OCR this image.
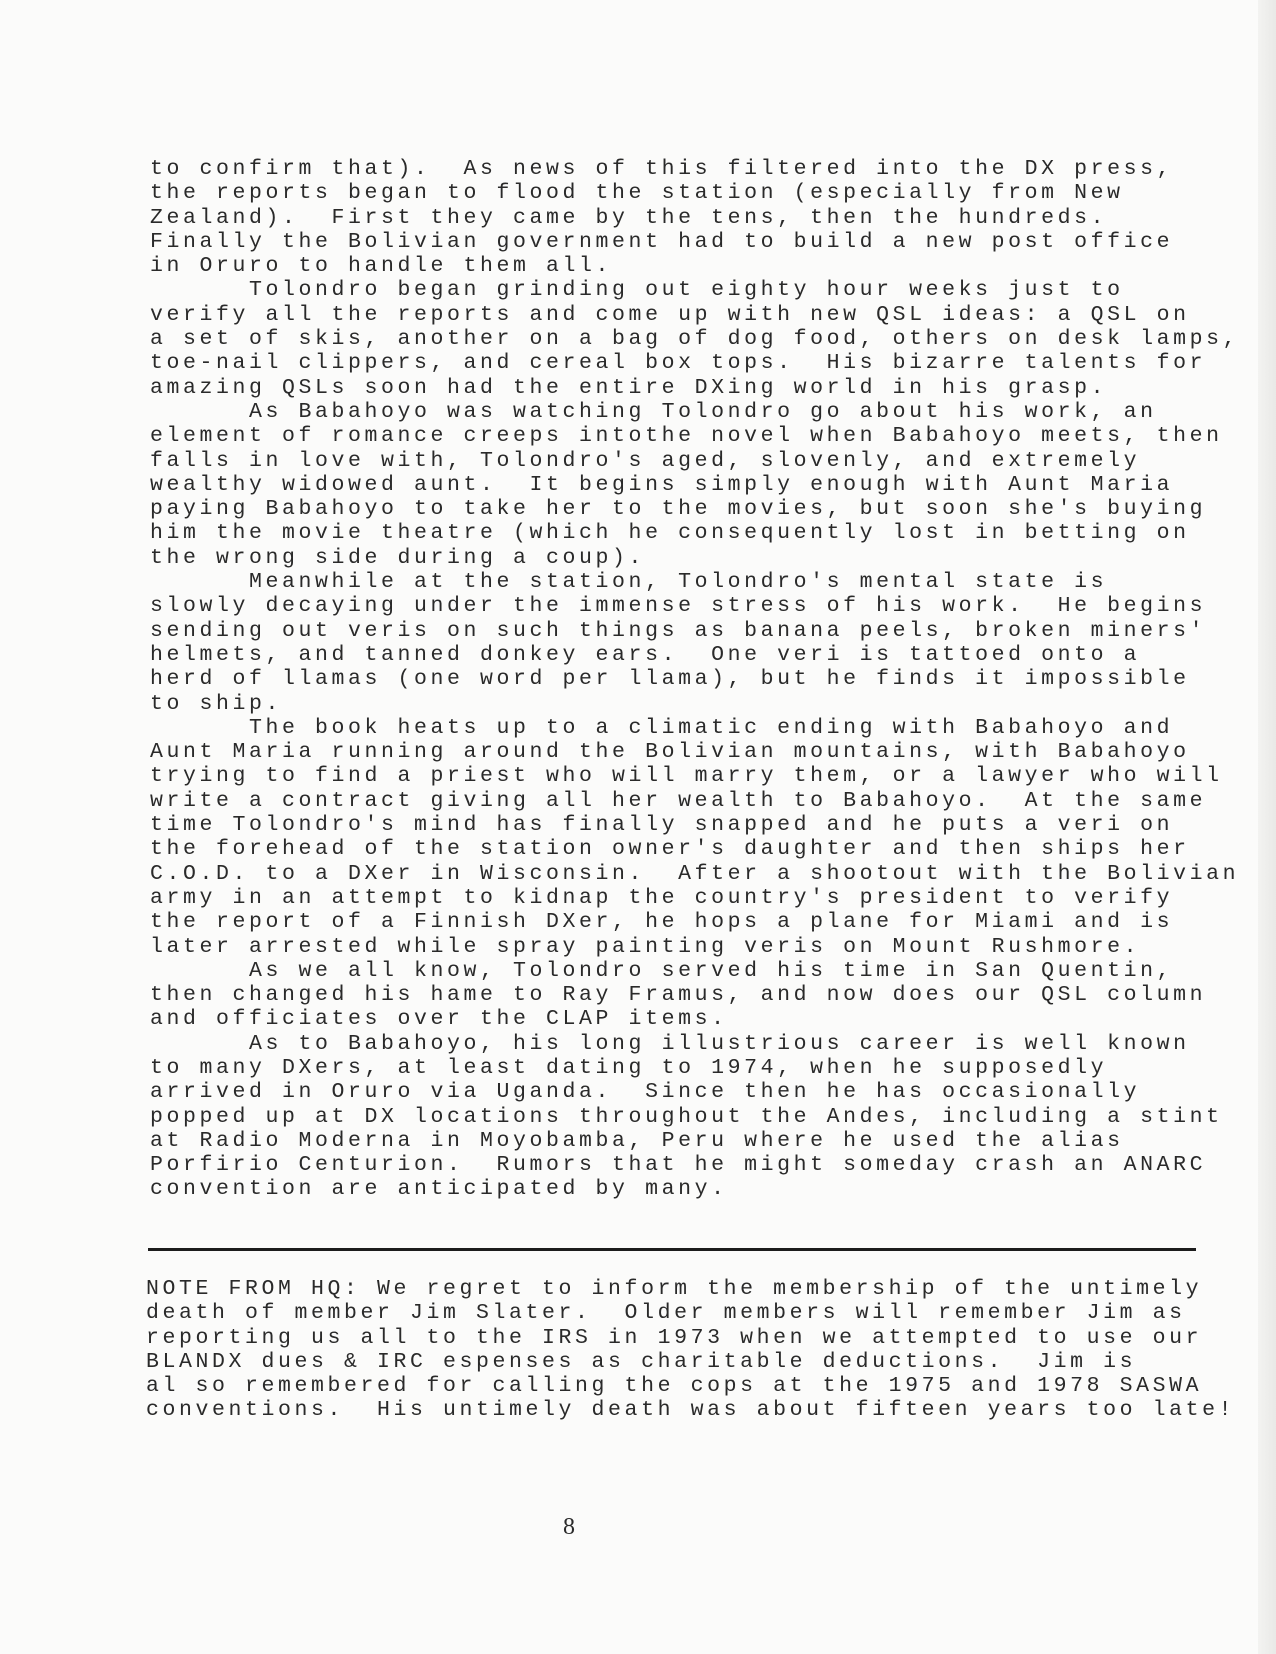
to confirm that).  As news of this filtered into the DX press,
the reports began to flood the station (especially from New
Zealand).  First they came by the tens, then the hundreds.
Finally the Bolivian government had to build a new post office
in Oruro to handle them all.
Tolondro began grinding out eighty hour weeks just to
verify all the reports and come up with new QSL ideas: a QSL on
a set of skis, another on a bag of dog food, others on desk lamps,
toe-nail clippers, and cereal box tops.  His bizarre talents for
amazing QSLs soon had the entire DXing world in his grasp.
As Babahoyo was watching Tolondro go about his work, an
element of romance creeps intothe novel when Babahoyo meets, then
falls in love with, Tolondro's aged, slovenly, and extremely
wealthy widowed aunt.  It begins simply enough with Aunt Maria
paying Babahoyo to take her to the movies, but soon she's buying
him the movie theatre (which he consequently lost in betting on
the wrong side during a coup).
Meanwhile at the station, Tolondro's mental state is
slowly decaying under the immense stress of his work.  He begins
sending out veris on such things as banana peels, broken miners'
helmets, and tanned donkey ears.  One veri is tattoed onto a
herd of llamas (one word per llama), but he finds it impossible
to ship.
The book heats up to a climatic ending with Babahoyo and
Aunt Maria running around the Bolivian mountains, with Babahoyo
trying to find a priest who will marry them, or a lawyer who will
write a contract giving all her wealth to Babahoyo.  At the same
time Tolondro's mind has finally snapped and he puts a veri on
the forehead of the station owner's daughter and then ships her
C.O.D. to a DXer in Wisconsin.  After a shootout with the Bolivian
army in an attempt to kidnap the country's president to verify
the report of a Finnish DXer, he hops a plane for Miami and is
later arrested while spray painting veris on Mount Rushmore.
As we all know, Tolondro served his time in San Quentin,
then changed his hame to Ray Framus, and now does our QSL column
and officiates over the CLAP items.
As to Babahoyo, his long illustrious career is well known
to many DXers, at least dating to 1974, when he supposedly
arrived in Oruro via Uganda.  Since then he has occasionally
popped up at DX locations throughout the Andes, including a stint
at Radio Moderna in Moyobamba, Peru where he used the alias
Porfirio Centurion.  Rumors that he might someday crash an ANARC
convention are anticipated by many.
NOTE FROM HQ: We regret to inform the membership of the untimely
death of member Jim Slater.  Older members will remember Jim as
reporting us all to the IRS in 1973 when we attempted to use our
BLANDX dues & IRC espenses as charitable deductions.  Jim is
al so remembered for calling the cops at the 1975 and 1978 SASWA
conventions.  His untimely death was about fifteen years too late!
8
